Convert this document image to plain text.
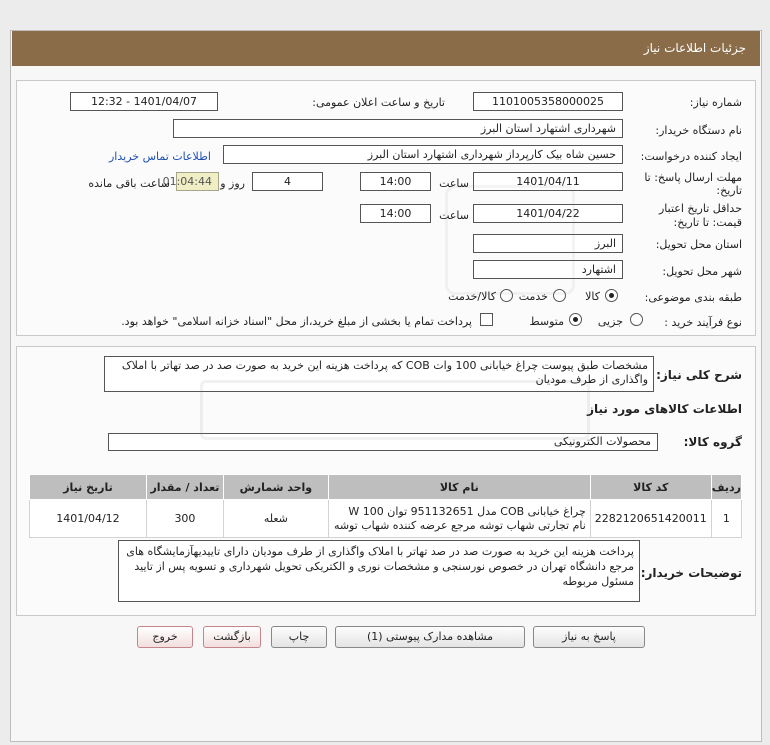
جزئیات اطلاعات نیاز
شماره نیاز:
1101005358000025
تاریخ و ساعت اعلان عمومی:
1401/04/07 - 12:32
نام دستگاه خریدار:
شهرداری اشتهارد استان البرز
ایجاد کننده درخواست:
حسین شاه بیک کارپرداز شهرداری اشتهارد استان البرز
اطلاعات تماس خریدار
مهلت ارسال پاسخ: تا
تاریخ:
1401/04/11
ساعت
14:00
4
روز و
01:04:44
ساعت باقی مانده
حداقل تاریخ اعتبار
قیمت: تا تاریخ:
1401/04/22
ساعت
14:00
استان محل تحویل:
البرز
شهر محل تحویل:
اشتهارد
طبقه بندی موضوعی:
کالا
خدمت
کالا/خدمت
نوع فرآیند خرید :
جزیی
متوسط
پرداخت تمام یا بخشی از مبلغ خرید،از محل "اسناد خزانه اسلامی" خواهد بود.
شرح کلی نیاز:
مشخصات طبق پیوست چراغ خیابانی 100 وات COB که پرداخت هزینه این خرید به صورت صد در صد تهاتر با املاک واگذاری از طرف مودیان
اطلاعات کالاهای مورد نیاز
گروه کالا:
محصولات الکترونیکی
ردیف	کد کالا	نام کالا	واحد شمارش	تعداد / مقدار	تاریخ نیاز
1	2282120651420011	چراغ خیابانی COB مدل 951132651 توان W 100 نام تجارتی شهاب توشه مرجع عرضه کننده شهاب توشه	شعله	300	1401/04/12
توضیحات خریدار:
پرداخت هزینه این خرید به صورت صد در صد تهاتر با املاک واگذاری از طرف مودیان دارای تاییدیهآزمایشگاه های مرجع دانشگاه تهران در خصوص نورسنجی و مشخصات نوری و الکتریکی تحویل شهرداری و تسویه پس از تایید مسئول مربوطه
پاسخ به نیاز
مشاهده مدارک پیوستی (1)
چاپ
بازگشت
خروج
